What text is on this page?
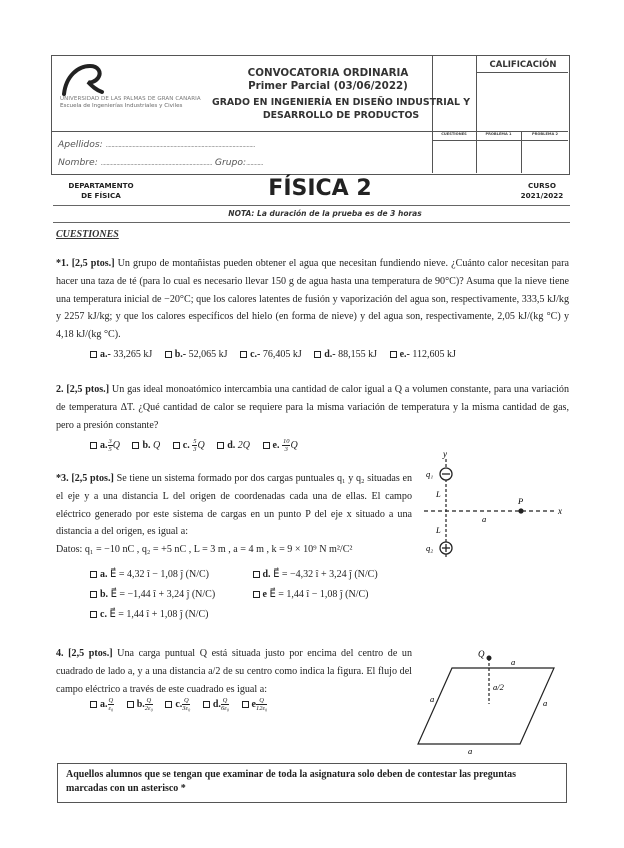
UNIVERSIDAD DE LAS PALMAS DE GRAN CANARIA
Escuela de Ingenierías Industriales y Civiles
CONVOCATORIA ORDINARIA
Primer Parcial (03/06/2022)
GRADO EN INGENIERÍA EN DISEÑO INDUSTRIAL Y
DESARROLLO DE PRODUCTOS
CALIFICACIÓN
CUESTIONES	PROBLEMA 1	PROBLEMA 2
Apellidos: ..........................................................................................................
Nombre: ............................................................................... Grupo:............
DEPARTAMENTO
DE FÍSICA	FÍSICA 2	CURSO
2021/2022
NOTA: La duración de la prueba es de 3 horas
CUESTIONES
*1. [2,5 ptos.] Un grupo de montañistas pueden obtener el agua que necesitan fundiendo nieve. ¿Cuánto calor necesitan para hacer una taza de té (para lo cual es necesario llevar 150 g de agua hasta una temperatura de 90°C)? Asuma que la nieve tiene una temperatura inicial de −20°C; que los calores latentes de fusión y vaporización del agua son, respectivamente, 333,5 kJ/kg y 2257 kJ/kg; y que los calores específicos del hielo (en forma de nieve) y del agua son, respectivamente, 2,05 kJ/(kg °C) y 4,18 kJ/(kg °C).
a.- 33,265 kJ b.- 52,065 kJ c.- 76,405 kJ d.- 88,155 kJ e.- 112,605 kJ
2. [2,5 ptos.] Un gas ideal monoatómico intercambia una cantidad de calor igual a Q a volumen constante, para una variación de temperatura ΔT. ¿Qué cantidad de calor se requiere para la misma variación de temperatura y la misma cantidad de gas, pero a presión constante?
a. $\frac{3}{5}$ Q b. Q c. $\frac{5}{3}$ Q d. 2Q e. $\frac{10}{3}$ Q
*3. [2,5 ptos.] Se tiene un sistema formado por dos cargas puntuales q₁ y q₂ situadas en el eje y a una distancia L del origen de coordenadas cada una de ellas. El campo eléctrico generado por este sistema de cargas en un punto P del eje x situado a una distancia a del origen, es igual a:
Datos: q₁ = −10 nC , q₂ = +5 nC , L = 3 m , a = 4 m , k = 9 × 10⁹ N m²/C²
a. E⃗ = 4,32 î − 1,08 ĵ (N/C)	d. E⃗ = −4,32 î + 3,24 ĵ (N/C)
b. E⃗ = −1,44 î + 3,24 ĵ (N/C)	e E⃗ = 1,44 î − 1,08 ĵ (N/C)
c. E⃗ = 1,44 î + 1,08 ĵ (N/C)
y
x
q₁
q₂
L
L
a
P
4. [2,5 ptos.] Una carga puntual Q está situada justo por encima del centro de un cuadrado de lado a, y a una distancia a/2 de su centro como indica la figura. El flujo del campo eléctrico a través de este cuadrado es igual a:
a. $\frac{Q}{\text{ε₀}} b$. $\frac{Q}{\text{2ε₀}} c$. $\frac{Q}{\text{3ε₀}} d$. $\frac{Q}{\text{6ε₀}}$ e $\frac{Q}{\text{12ε₀}}$
Q
a
a/2
a	a
a
Aquellos alumnos que se tengan que examinar de toda la asignatura solo deben de contestar las preguntas marcadas con un asterisco *
